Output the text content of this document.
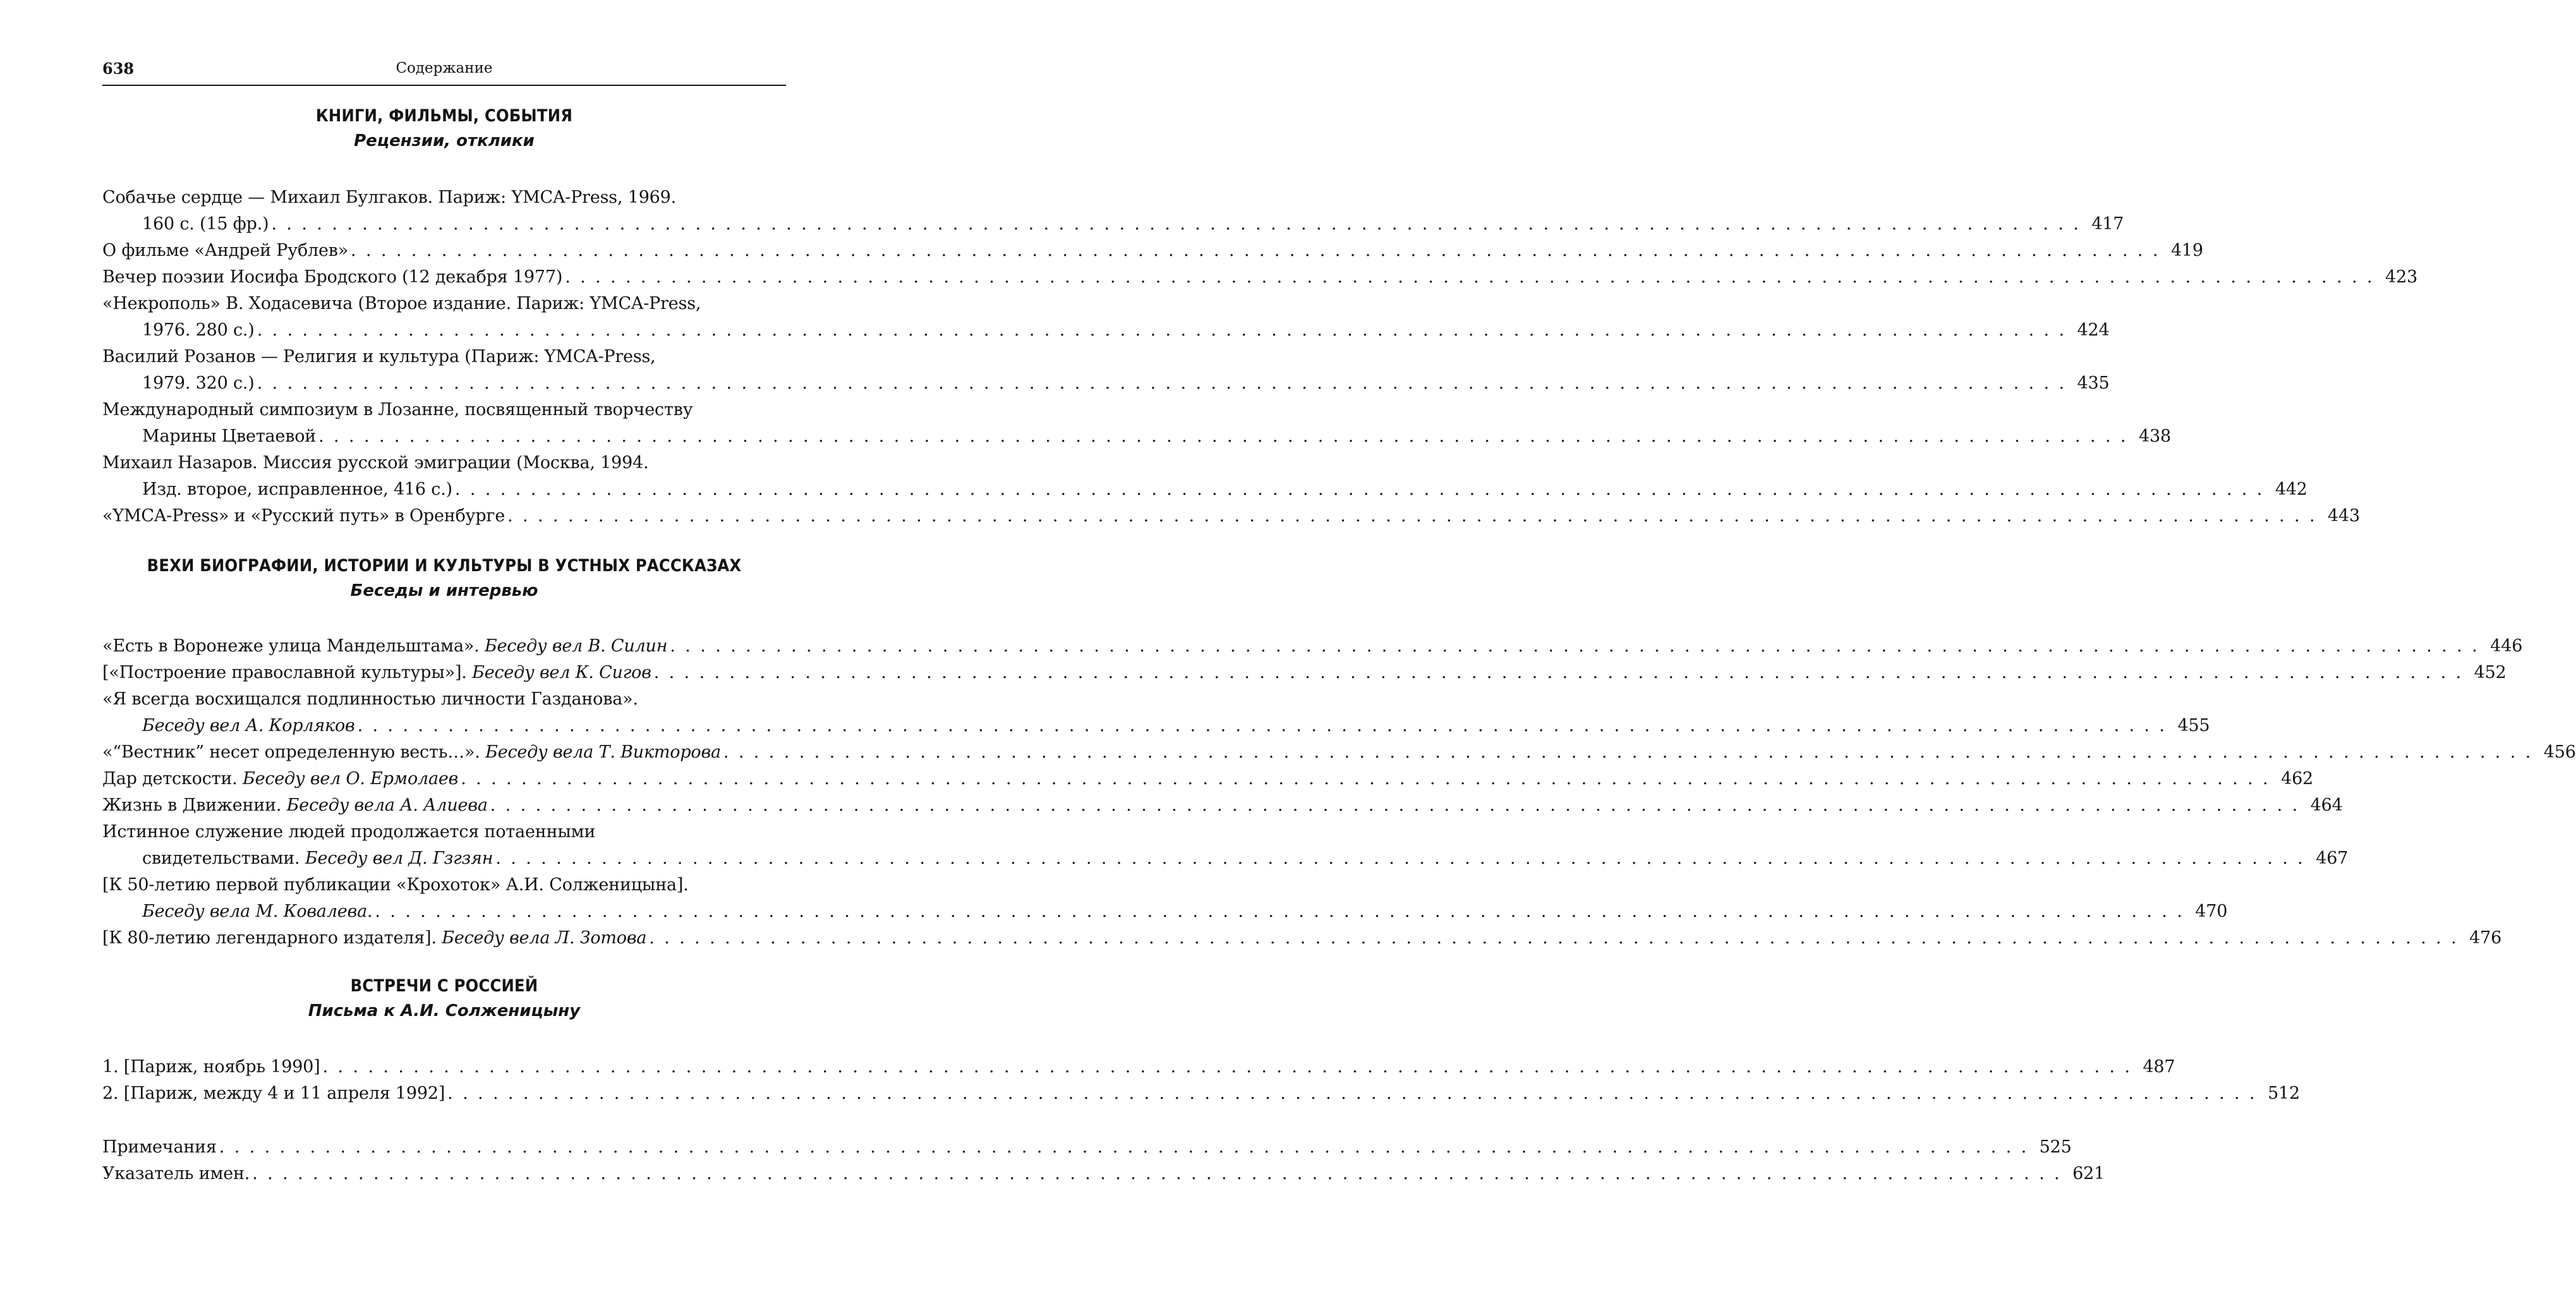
638	Содержание
КНИГИ, ФИЛЬМЫ, СОБЫТИЯ
Рецензии, отклики
Собачье сердце — Михаил Булгаков. Париж: YMCA-Press, 1969.
160 с. (15 фр.) . . . . . . . . . . . . . . . . . . . . . . . . . . . . . . . . . . . . . . . . . . . . . . . . . . . . . . . . . . . . . . . . . . . . . . . . . . . . . . . . . . . . . . . . . . . . . . . . . . . . . . . . . . . . . . . . . . . . . . . . 417
О фильме «Андрей Рублев» . . . . . . . . . . . . . . . . . . . . . . . . . . . . . . . . . . . . . . . . . . . . . . . . . . . . . . . . . . . . . . . . . . . . . . . . . . . . . . . . . . . . . . . . . . . . . . . . . . . . . . . . . . . . . . . . . . . . . . . . 419
Вечер поэзии Иосифа Бродского (12 декабря 1977) . . . . . . . . . . . . . . . . . . . . . . . . . . . . . . . . . . . . . . . . . . . . . . . . . . . . . . . . . . . . . . . . . . . . . . . . . . . . . . . . . . . . . . . . . . . . . . . . . . . . . . . . . . . . . . . . . . . . . . . . 423
«Некрополь» В. Ходасевича (Второе издание. Париж: YMCA-Press,
1976. 280 с.) . . . . . . . . . . . . . . . . . . . . . . . . . . . . . . . . . . . . . . . . . . . . . . . . . . . . . . . . . . . . . . . . . . . . . . . . . . . . . . . . . . . . . . . . . . . . . . . . . . . . . . . . . . . . . . . . . . . . . . . . 424
Василий Розанов — Религия и культура (Париж: YMCA-Press,
1979. 320 с.) . . . . . . . . . . . . . . . . . . . . . . . . . . . . . . . . . . . . . . . . . . . . . . . . . . . . . . . . . . . . . . . . . . . . . . . . . . . . . . . . . . . . . . . . . . . . . . . . . . . . . . . . . . . . . . . . . . . . . . . . 435
Международный симпозиум в Лозанне, посвященный творчеству
Марины Цветаевой . . . . . . . . . . . . . . . . . . . . . . . . . . . . . . . . . . . . . . . . . . . . . . . . . . . . . . . . . . . . . . . . . . . . . . . . . . . . . . . . . . . . . . . . . . . . . . . . . . . . . . . . . . . . . . . . . . . . . . . . 438
Михаил Назаров. Миссия русской эмиграции (Москва, 1994.
Изд. второе, исправленное, 416 с.) . . . . . . . . . . . . . . . . . . . . . . . . . . . . . . . . . . . . . . . . . . . . . . . . . . . . . . . . . . . . . . . . . . . . . . . . . . . . . . . . . . . . . . . . . . . . . . . . . . . . . . . . . . . . . . . . . . . . . . . . 442
«YMCA-Press» и «Русский путь» в Оренбурге . . . . . . . . . . . . . . . . . . . . . . . . . . . . . . . . . . . . . . . . . . . . . . . . . . . . . . . . . . . . . . . . . . . . . . . . . . . . . . . . . . . . . . . . . . . . . . . . . . . . . . . . . . . . . . . . . . . . . . . . 443
ВЕХИ БИОГРАФИИ, ИСТОРИИ И КУЛЬТУРЫ В УСТНЫХ РАССКАЗАХ
Беседы и интервью
«Есть в Воронеже улица Мандельштама». Беседу вел В. Силин . . . . . . . . . . . . . . . . . . . . . . . . . . . . . . . . . . . . . . . . . . . . . . . . . . . . . . . . . . . . . . . . . . . . . . . . . . . . . . . . . . . . . . . . . . . . . . . . . . . . . . . . . . . . . . . . . . . . . . . . 446
[«Построение православной культуры»]. Беседу вел К. Сигов . . . . . . . . . . . . . . . . . . . . . . . . . . . . . . . . . . . . . . . . . . . . . . . . . . . . . . . . . . . . . . . . . . . . . . . . . . . . . . . . . . . . . . . . . . . . . . . . . . . . . . . . . . . . . . . . . . . . . . . . 452
«Я всегда восхищался подлинностью личности Газданова».
Беседу вел А. Корляков . . . . . . . . . . . . . . . . . . . . . . . . . . . . . . . . . . . . . . . . . . . . . . . . . . . . . . . . . . . . . . . . . . . . . . . . . . . . . . . . . . . . . . . . . . . . . . . . . . . . . . . . . . . . . . . . . . . . . . . . 455
«“Вестник” несет определенную весть…». Беседу вела Т. Викторова . . . . . . . . . . . . . . . . . . . . . . . . . . . . . . . . . . . . . . . . . . . . . . . . . . . . . . . . . . . . . . . . . . . . . . . . . . . . . . . . . . . . . . . . . . . . . . . . . . . . . . . . . . . . . . . . . . . . . . . . 456
Дар детскости. Беседу вел О. Ермолаев . . . . . . . . . . . . . . . . . . . . . . . . . . . . . . . . . . . . . . . . . . . . . . . . . . . . . . . . . . . . . . . . . . . . . . . . . . . . . . . . . . . . . . . . . . . . . . . . . . . . . . . . . . . . . . . . . . . . . . . . 462
Жизнь в Движении. Беседу вела А. Алиева . . . . . . . . . . . . . . . . . . . . . . . . . . . . . . . . . . . . . . . . . . . . . . . . . . . . . . . . . . . . . . . . . . . . . . . . . . . . . . . . . . . . . . . . . . . . . . . . . . . . . . . . . . . . . . . . . . . . . . . . 464
Истинное служение людей продолжается потаенными
свидетельствами. Беседу вел Д. Гзгзян . . . . . . . . . . . . . . . . . . . . . . . . . . . . . . . . . . . . . . . . . . . . . . . . . . . . . . . . . . . . . . . . . . . . . . . . . . . . . . . . . . . . . . . . . . . . . . . . . . . . . . . . . . . . . . . . . . . . . . . . 467
[К 50-летию первой публикации «Крохоток» А.И. Солженицына].
Беседу вела М. Ковалева. . . . . . . . . . . . . . . . . . . . . . . . . . . . . . . . . . . . . . . . . . . . . . . . . . . . . . . . . . . . . . . . . . . . . . . . . . . . . . . . . . . . . . . . . . . . . . . . . . . . . . . . . . . . . . . . . . . . . . . . . 470
[К 80-летию легендарного издателя]. Беседу вела Л. Зотова . . . . . . . . . . . . . . . . . . . . . . . . . . . . . . . . . . . . . . . . . . . . . . . . . . . . . . . . . . . . . . . . . . . . . . . . . . . . . . . . . . . . . . . . . . . . . . . . . . . . . . . . . . . . . . . . . . . . . . . . 476
ВСТРЕЧИ С РОССИЕЙ
Письма к А.И. Солженицыну
1. [Париж, ноябрь 1990] . . . . . . . . . . . . . . . . . . . . . . . . . . . . . . . . . . . . . . . . . . . . . . . . . . . . . . . . . . . . . . . . . . . . . . . . . . . . . . . . . . . . . . . . . . . . . . . . . . . . . . . . . . . . . . . . . . . . . . . . 487
2. [Париж, между 4 и 11 апреля 1992] . . . . . . . . . . . . . . . . . . . . . . . . . . . . . . . . . . . . . . . . . . . . . . . . . . . . . . . . . . . . . . . . . . . . . . . . . . . . . . . . . . . . . . . . . . . . . . . . . . . . . . . . . . . . . . . . . . . . . . . . 512
Примечания . . . . . . . . . . . . . . . . . . . . . . . . . . . . . . . . . . . . . . . . . . . . . . . . . . . . . . . . . . . . . . . . . . . . . . . . . . . . . . . . . . . . . . . . . . . . . . . . . . . . . . . . . . . . . . . . . . . . . . . . 525
Указатель имен. . . . . . . . . . . . . . . . . . . . . . . . . . . . . . . . . . . . . . . . . . . . . . . . . . . . . . . . . . . . . . . . . . . . . . . . . . . . . . . . . . . . . . . . . . . . . . . . . . . . . . . . . . . . . . . . . . . . . . . . . 621
